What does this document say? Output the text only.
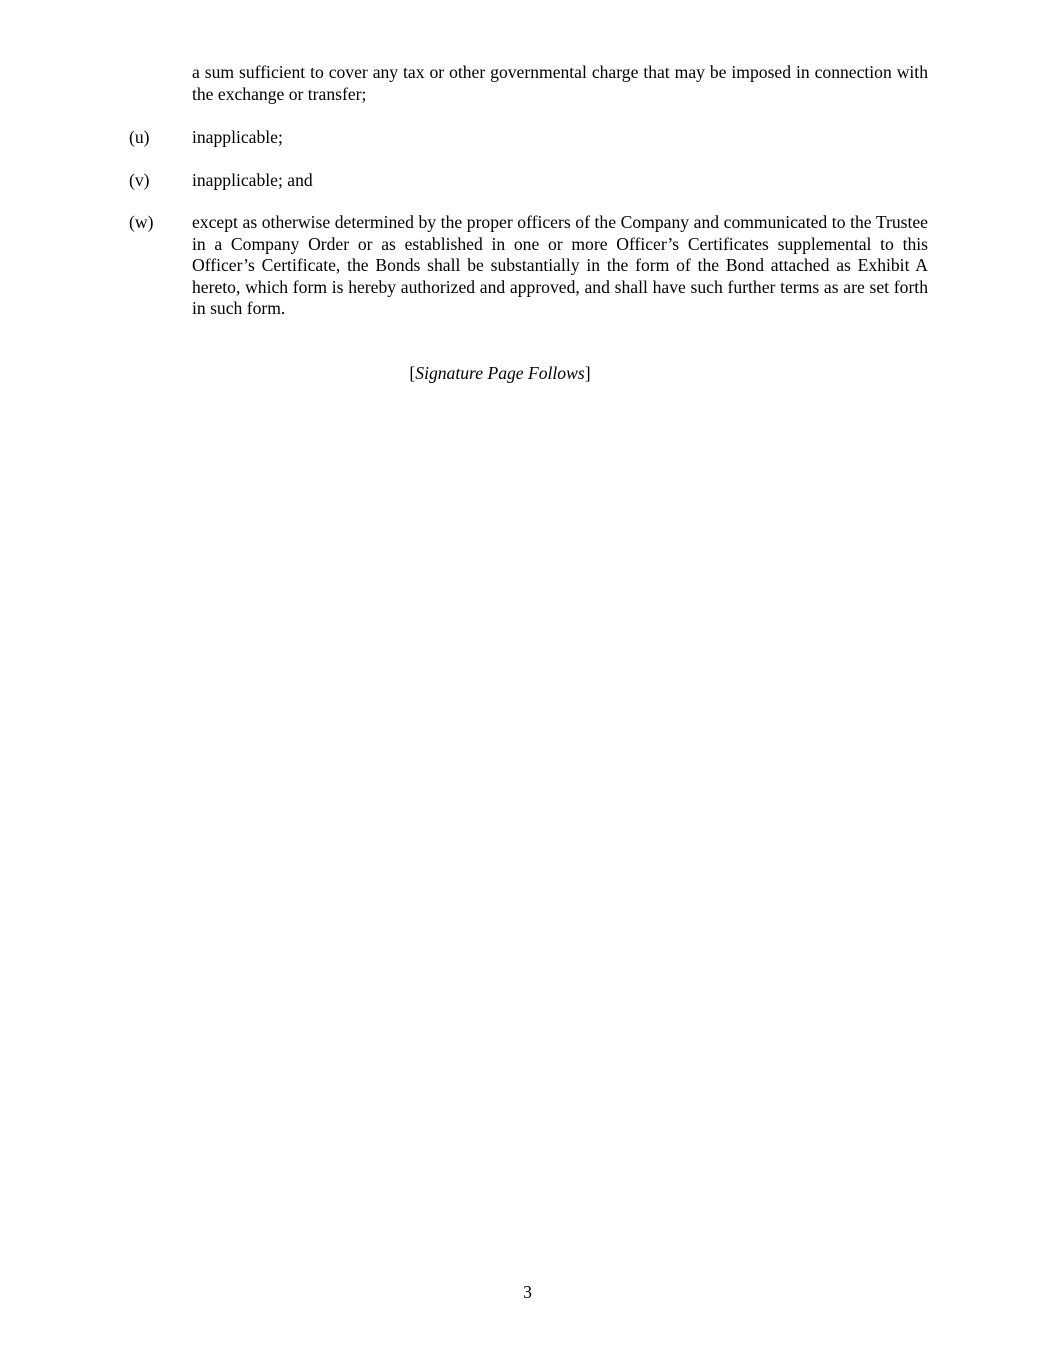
a sum sufficient to cover any tax or other governmental charge that may be imposed in connection with the exchange or transfer;
(u) inapplicable;
(v) inapplicable; and
(w) except as otherwise determined by the proper officers of the Company and communicated to the Trustee in a Company Order or as established in one or more Officer’s Certificates supplemental to this Officer’s Certificate, the Bonds shall be substantially in the form of the Bond attached as Exhibit A hereto, which form is hereby authorized and approved, and shall have such further terms as are set forth in such form.
[Signature Page Follows]
3
